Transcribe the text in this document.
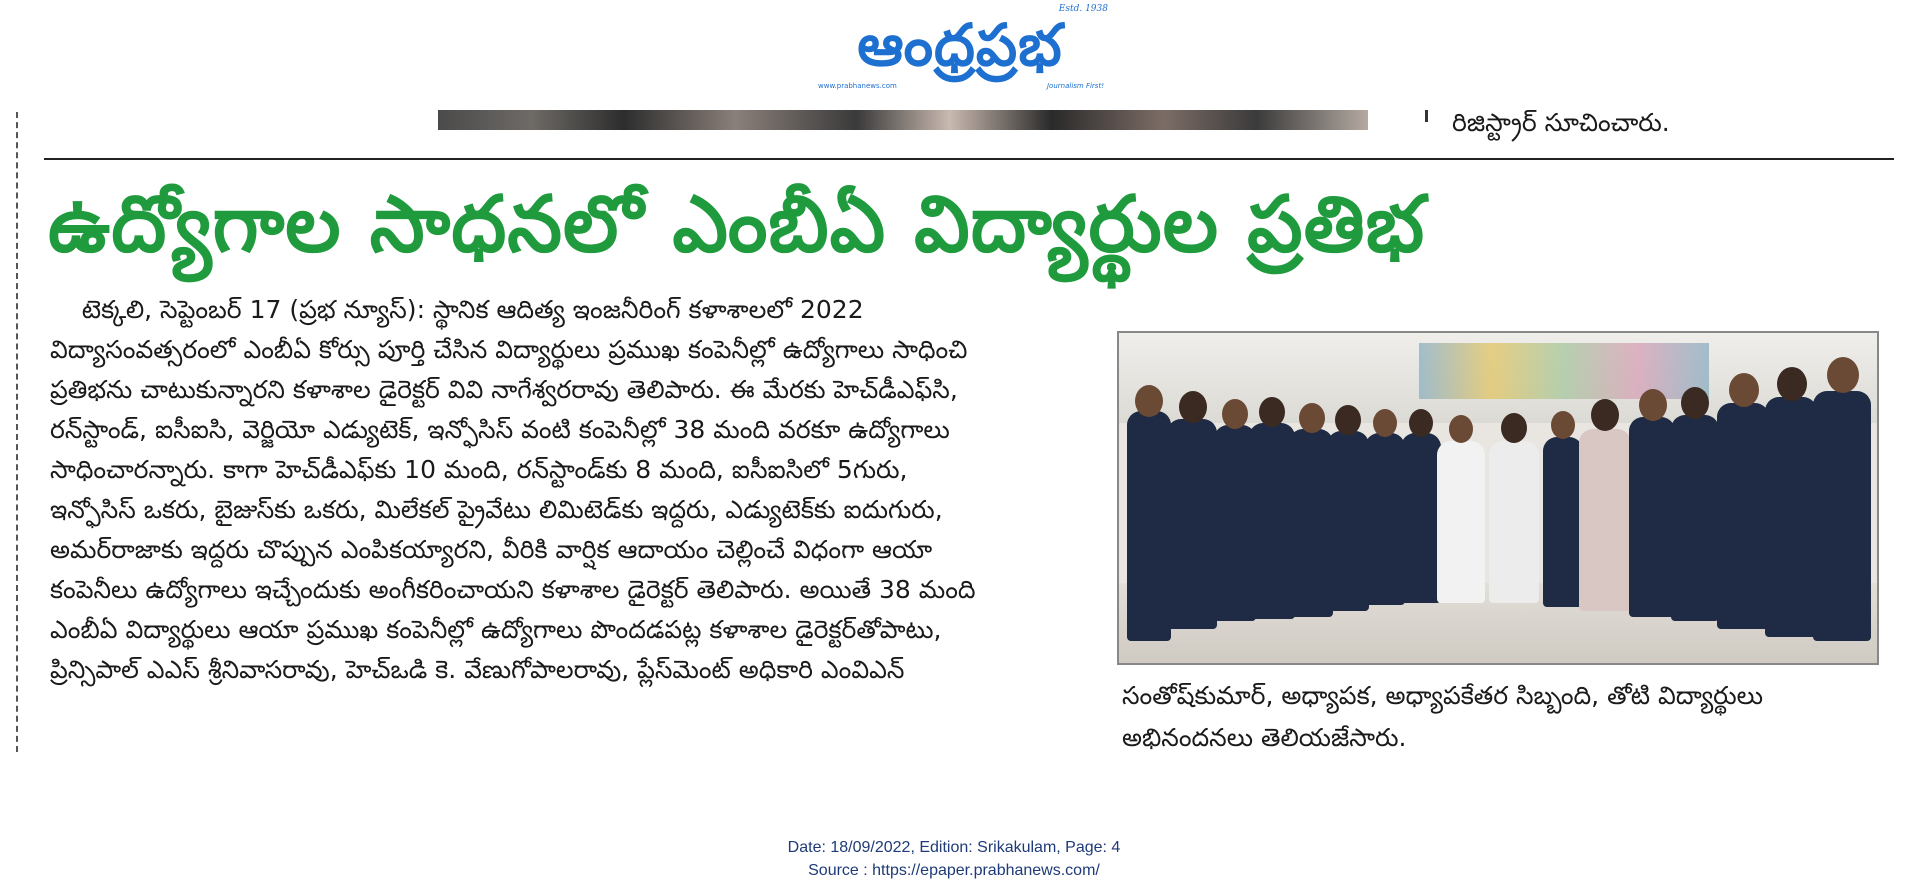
ఆంధ్రప్రభ
Estd. 1938
www.prabhanews.com	Journalism First!
రిజిస్ట్రార్ సూచించారు.
ఉద్యోగాల సాధనలో ఎంబీఏ విద్యార్థుల ప్రతిభ
టెక్కలి, సెప్టెంబర్ 17 (ప్రభ న్యూస్): స్థానిక ఆదిత్య ఇంజనీరింగ్ కళాశాలలో 2022
విద్యాసంవత్సరంలో ఎంబీఏ కోర్సు పూర్తి చేసిన విద్యార్థులు ప్రముఖ కంపెనీల్లో ఉద్యోగాలు సాధించి
ప్రతిభను చాటుకున్నారని కళాశాల డైరెక్టర్ వివి నాగేశ్వరరావు తెలిపారు. ఈ మేరకు హెచ్‌డీఎఫ్‌సి,
రన్‌స్టాండ్, ఐసీఐసి, వెర్జియో ఎడ్యుటెక్, ఇన్ఫోసిస్ వంటి కంపెనీల్లో 38 మంది వరకూ ఉద్యోగాలు
సాధించారన్నారు. కాగా హెచ్‌డీఎఫ్‌కు 10 మంది, రన్‌స్టాండ్‌కు 8 మంది, ఐసీఐసిలో 5గురు,
ఇన్ఫోసిస్ ఒకరు, బైజుస్‌కు ఒకరు, మిలేకల్ ప్రైవేటు లిమిటెడ్‌కు ఇద్దరు, ఎడ్యుటెక్‌కు ఐదుగురు,
అమర్‌రాజాకు ఇద్దరు చొప్పున ఎంపికయ్యారని, వీరికి వార్షిక ఆదాయం చెల్లించే విధంగా ఆయా
కంపెనీలు ఉద్యోగాలు ఇచ్చేందుకు అంగీకరించాయని కళాశాల డైరెక్టర్ తెలిపారు. అయితే 38 మంది
ఎంబీఏ విద్యార్థులు ఆయా ప్రముఖ కంపెనీల్లో ఉద్యోగాలు పొందడపట్ల కళాశాల డైరెక్టర్‌తోపాటు,
ప్రిన్సిపాల్ ఎఎస్ శ్రీనివాసరావు, హెచ్‌ఒడి కె. వేణుగోపాలరావు, ప్లేస్‌మెంట్ అధికారి ఎంవిఎన్
సంతోష్‌కుమార్, అధ్యాపక, అధ్యాపకేతర సిబ్బంది, తోటి విద్యార్థులు
అభినందనలు తెలియజేసారు.
Date: 18/09/2022, Edition: Srikakulam, Page: 4
Source : https://epaper.prabhanews.com/
